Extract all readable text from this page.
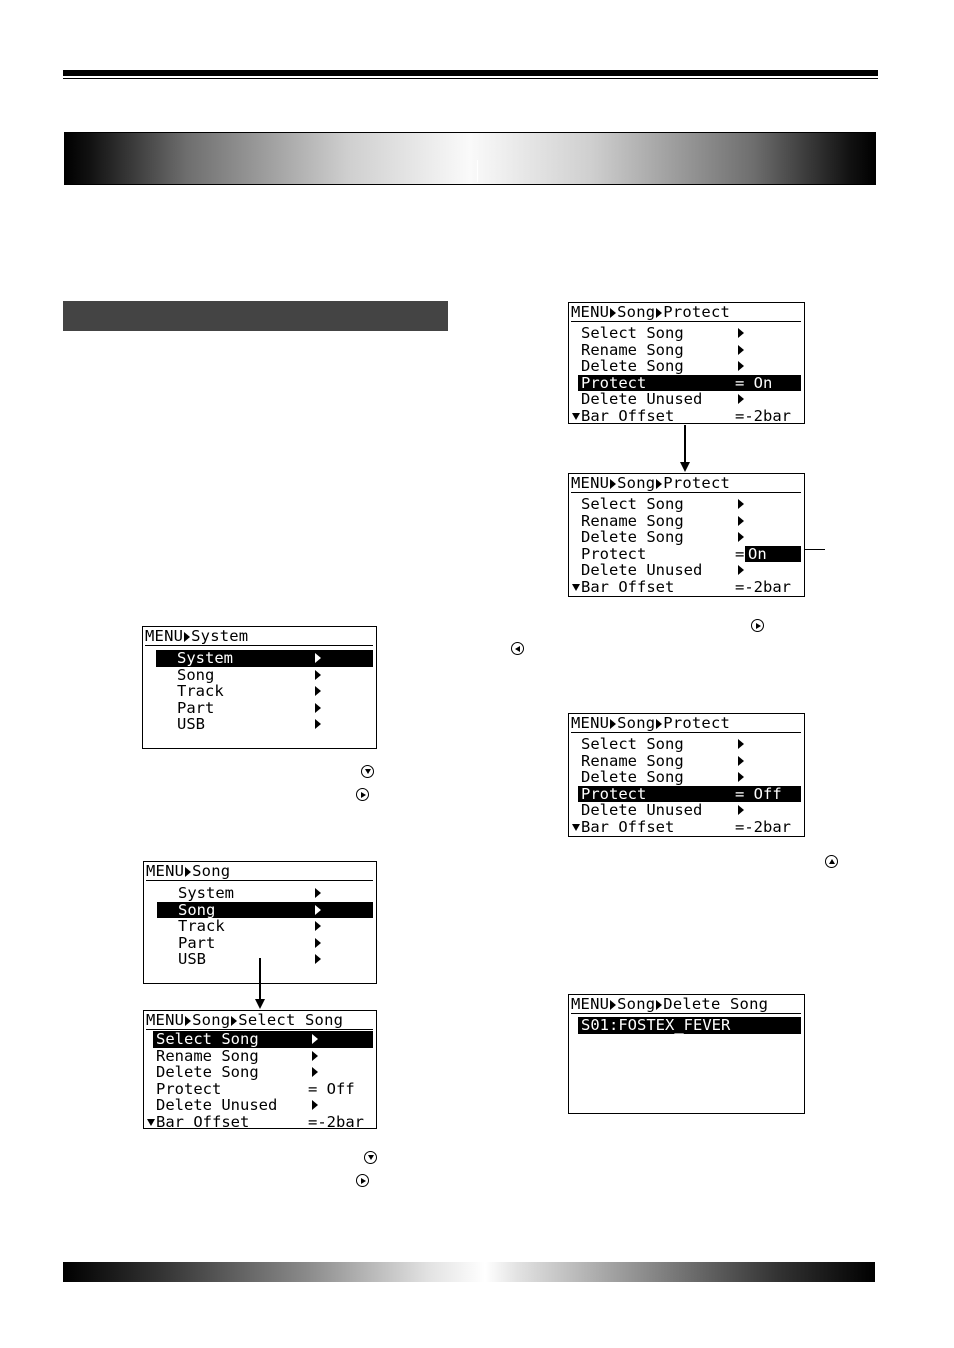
MENU System
System
Song
Track
Part
USB
MENU Song
System
Song
Track
Part
USB
MENU Song Select Song
Select Song
Rename Song
Delete Song
Protect	= Off
Delete Unused
Bar Offset	=-2bar
MENU Song Protect
Select Song
Rename Song
Delete Song
Protect	= On
Delete Unused
Bar Offset	=-2bar
MENU Song Protect
Select Song
Rename Song
Delete Song
Protect	= On
Delete Unused
Bar Offset	=-2bar
MENU Song Protect
Select Song
Rename Song
Delete Song
Protect	= Off
Delete Unused
Bar Offset	=-2bar
MENU Song Delete Song
S01:FOSTEX_FEVER
